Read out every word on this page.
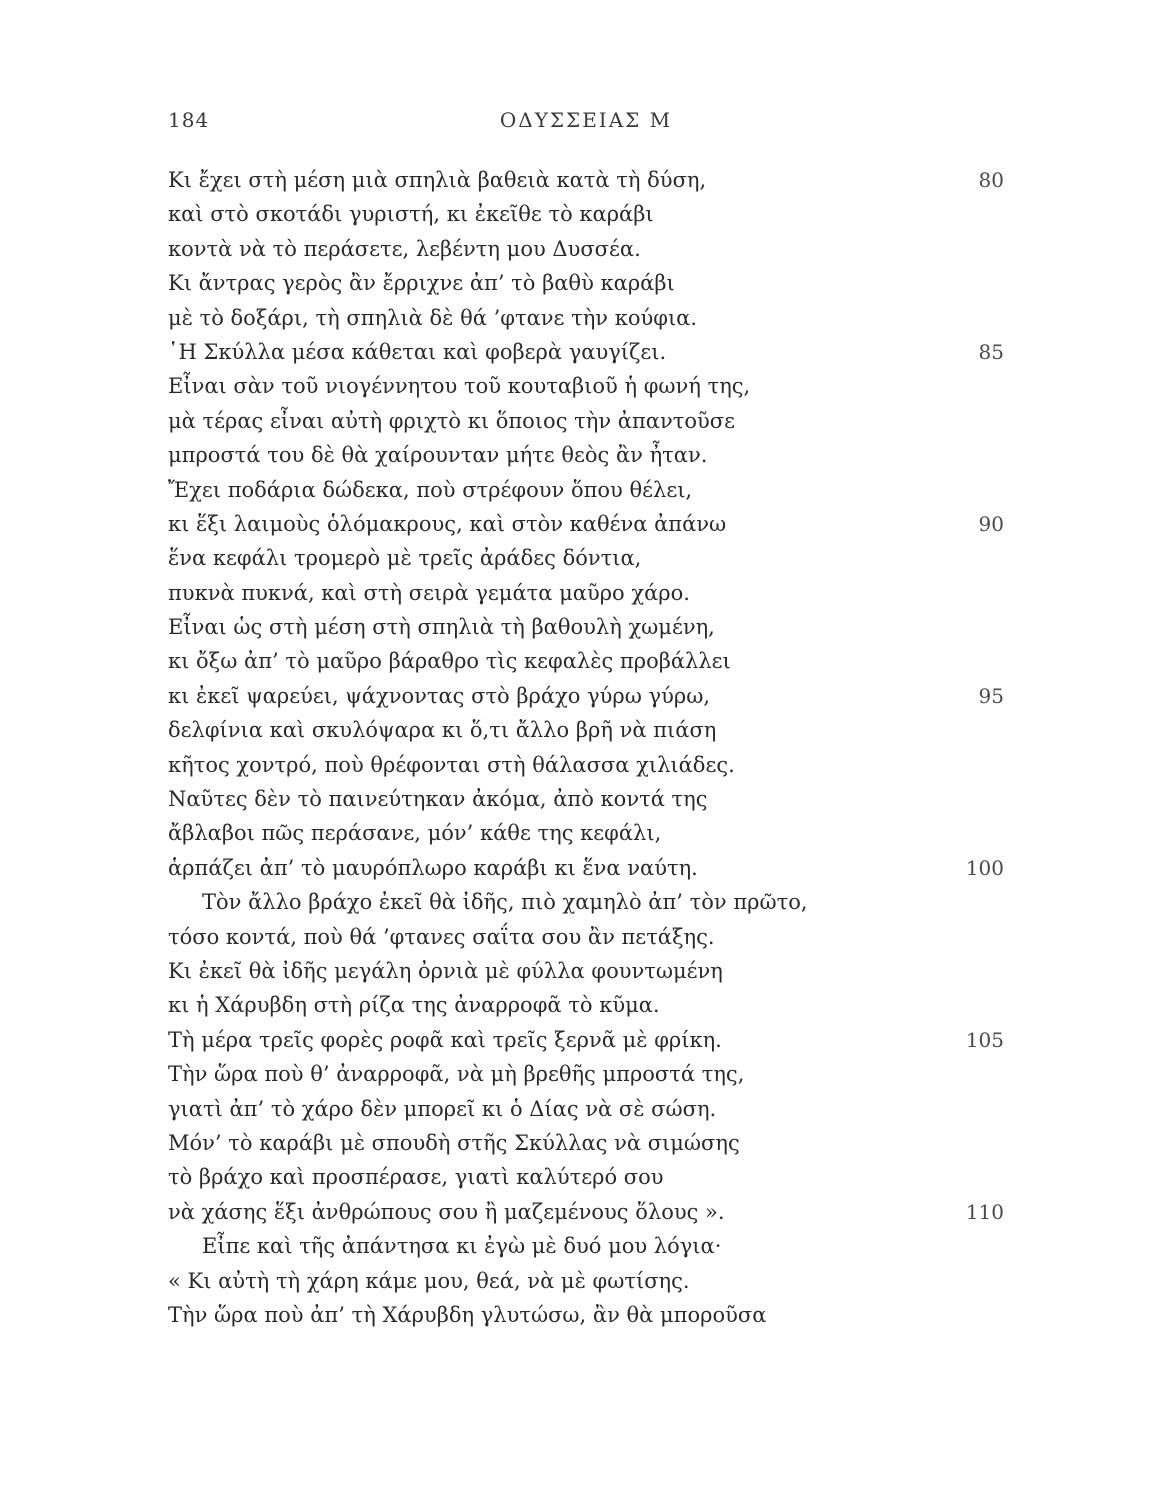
184	ΟΔΥΣΣΕΙΑΣ Μ
Κι ἔχει στὴ μέση μιὰ σπηλιὰ βαθειὰ κατὰ τὴ δύση,	80
καὶ στὸ σκοτάδι γυριστή, κι ἐκεῖθε τὸ καράβι
κοντὰ νὰ τὸ περάσετε, λεβέντη μου Δυσσέα.
Κι ἄντρας γερὸς ἂν ἔρριχνε ἀπ’ τὸ βαθὺ καράβι
μὲ τὸ δοξάρι, τὴ σπηλιὰ δὲ θά ’φτανε τὴν κούφια.
῾Η Σκύλλα μέσα κάθεται καὶ φοβερὰ γαυγίζει.	85
Εἶναι σὰν τοῦ νιογέννητου τοῦ κουταβιοῦ ἡ φωνή της,
μὰ τέρας εἶναι αὐτὴ φριχτὸ κι ὅποιος τὴν ἀπαντοῦσε
μπροστά του δὲ θὰ χαίρουνταν μήτε θεὸς ἂν ἦταν.
Ἔχει ποδάρια δώδεκα, ποὺ στρέφουν ὅπου θέλει,
κι ἕξι λαιμοὺς ὁλόμακρους, καὶ στὸν καθένα ἀπάνω	90
ἕνα κεφάλι τρομερὸ μὲ τρεῖς ἀράδες δόντια,
πυκνὰ πυκνά, καὶ στὴ σειρὰ γεμάτα μαῦρο χάρο.
Εἶναι ὡς στὴ μέση στὴ σπηλιὰ τὴ βαθουλὴ χωμένη,
κι ὄξω ἀπ’ τὸ μαῦρο βάραθρο τὶς κεφαλὲς προβάλλει
κι ἐκεῖ ψαρεύει, ψάχνοντας στὸ βράχο γύρω γύρω,	95
δελφίνια καὶ σκυλόψαρα κι ὅ,τι ἄλλο βρῆ νὰ πιάση
κῆτος χοντρό, ποὺ θρέφονται στὴ θάλασσα χιλιάδες.
Ναῦτες δὲν τὸ παινεύτηκαν ἀκόμα, ἀπὸ κοντά της
ἄβλαβοι πῶς περάσανε, μόν’ κάθε της κεφάλι,
ἁρπάζει ἀπ’ τὸ μαυρόπλωρο καράβι κι ἕνα ναύτη.	100
Τὸν ἄλλο βράχο ἐκεῖ θὰ ἰδῆς, πιὸ χαμηλὸ ἀπ’ τὸν πρῶτο,
τόσο κοντά, ποὺ θά ’φτανες σαΐτα σου ἂν πετάξης.
Κι ἐκεῖ θὰ ἰδῆς μεγάλη ὀρνιὰ μὲ φύλλα φουντωμένη
κι ἡ Χάρυβδη στὴ ρίζα της ἀναρροφᾶ τὸ κῦμα.
Τὴ μέρα τρεῖς φορὲς ροφᾶ καὶ τρεῖς ξερνᾶ μὲ φρίκη.	105
Τὴν ὥρα ποὺ θ’ ἀναρροφᾶ, νὰ μὴ βρεθῆς μπροστά της,
γιατὶ ἀπ’ τὸ χάρο δὲν μπορεῖ κι ὁ Δίας νὰ σὲ σώση.
Μόν’ τὸ καράβι μὲ σπουδὴ στῆς Σκύλλας νὰ σιμώσης
τὸ βράχο καὶ προσπέρασε, γιατὶ καλύτερό σου
νὰ χάσης ἕξι ἀνθρώπους σου ἢ μαζεμένους ὅλους ».	110
Εἶπε καὶ τῆς ἀπάντησα κι ἐγὼ μὲ δυό μου λόγια·
« Κι αὐτὴ τὴ χάρη κάμε μου, θεά, νὰ μὲ φωτίσης.
Τὴν ὥρα ποὺ ἀπ’ τὴ Χάρυβδη γλυτώσω, ἂν θὰ μποροῦσα
